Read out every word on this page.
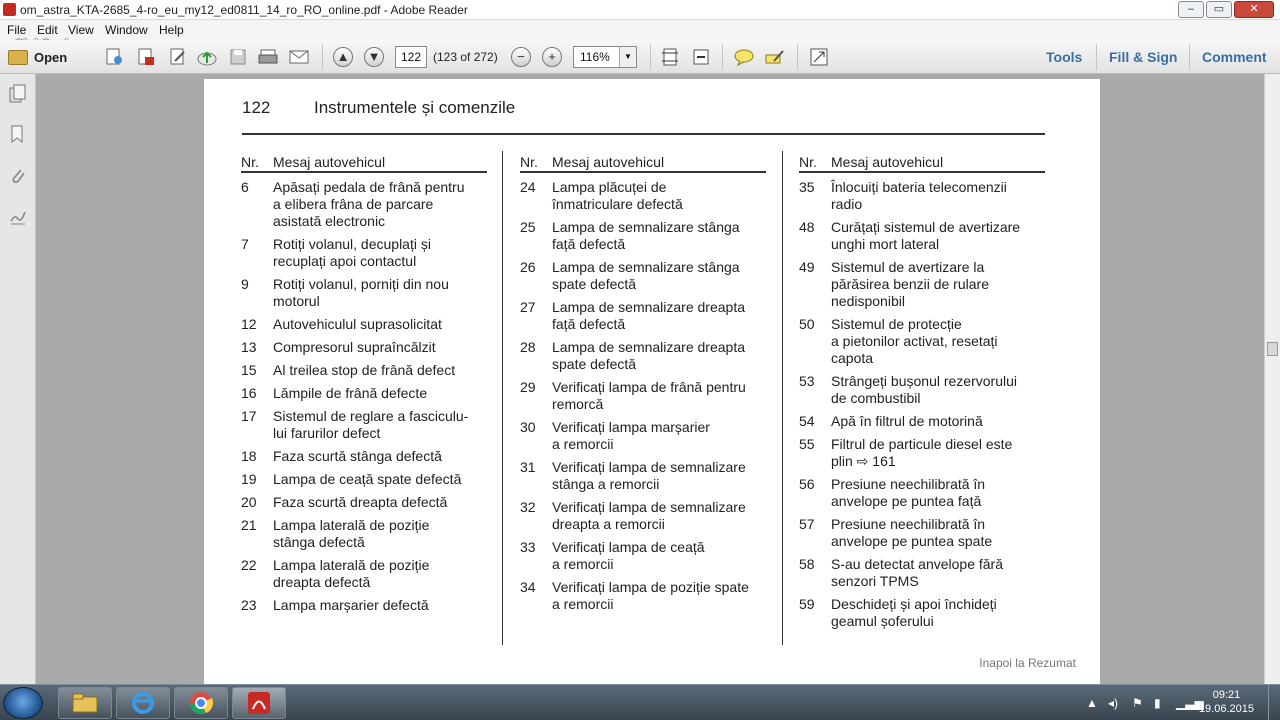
om_astra_KTA-2685_4-ro_eu_my12_ed0811_14_ro_RO_online.pdf - Adobe Reader	–	▭	✕
File Edit View Window Help
Open	▲ ▼	−	+
122 (123 of 272)	116%	▼	Tools Fill & Sign Comment
122	Instrumentele și comenzile
Nr. Mesaj autovehicul
6	Apăsați pedala de frână pentru
a elibera frâna de parcare
asistată electronic
7	Rotiți volanul, decuplați și
recuplați apoi contactul
9	Rotiți volanul, porniți din nou
motorul
12	Autovehiculul suprasolicitat
13	Compresorul supraîncălzit
15	Al treilea stop de frână defect
16	Lămpile de frână defecte
17	Sistemul de reglare a fasciculu-
lui farurilor defect
18	Faza scurtă stânga defectă
19	Lampa de ceață spate defectă
20	Faza scurtă dreapta defectă
21	Lampa laterală de poziție
stânga defectă
22	Lampa laterală de poziție
dreapta defectă
23	Lampa marșarier defectă
Nr. Mesaj autovehicul
24	Lampa plăcuței de
înmatriculare defectă
25	Lampa de semnalizare stânga
față defectă
26	Lampa de semnalizare stânga
spate defectă
27	Lampa de semnalizare dreapta
față defectă
28	Lampa de semnalizare dreapta
spate defectă
29	Verificați lampa de frână pentru
remorcă
30	Verificați lampa marșarier
a remorcii
31	Verificați lampa de semnalizare
stânga a remorcii
32	Verificați lampa de semnalizare
dreapta a remorcii
33	Verificați lampa de ceață
a remorcii
34	Verificați lampa de poziție spate
a remorcii
Nr. Mesaj autovehicul
35	Înlocuiți bateria telecomenzii
radio
48	Curățați sistemul de avertizare
unghi mort lateral
49	Sistemul de avertizare la
părăsirea benzii de rulare
nedisponibil
50	Sistemul de protecție
a pietonilor activat, resetați
capota
53	Strângeți bușonul rezervorului
de combustibil
54	Apă în filtrul de motorină
55	Filtrul de particule diesel este
plin ⇨ 161
56	Presiune neechilibrată în
anvelope pe puntea față
57	Presiune neechilibrată în
anvelope pe puntea spate
58	S-au detectat anvelope fără
senzori TPMS
59	Deschideți și apoi închideți
geamul șoferului
Inapoi la Rezumat
▲ ◂) ⚑ ▮ ▁▃▅
09:21
19.06.2015
